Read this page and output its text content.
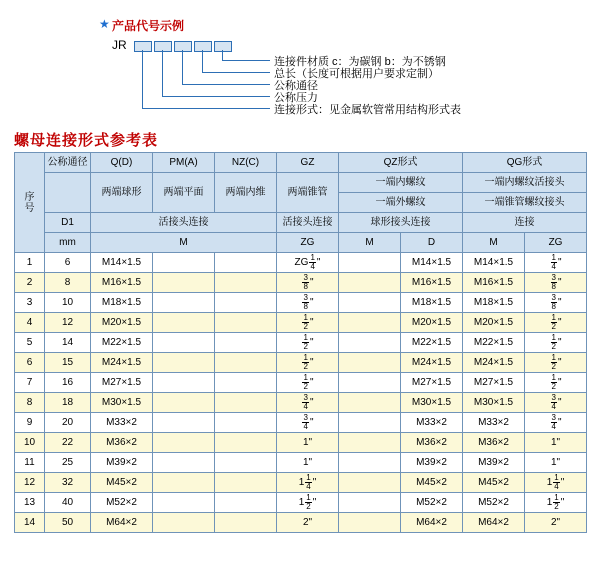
★ 产品代号示例
JR
连接件材质 c：为碳钢 b：为不锈钢
总长（长度可根据用户要求定制）
公称通径
公称压力
连接形式：见金属软管常用结构形式表
螺母连接形式参考表
序
号	公称通径	Q(D)	PM(A)	NZ(C)	GZ	QZ形式		QG形式	
		两端球形	两端平面	两端内维	两端锥管	一端内螺纹		一端内螺纹活接头	
						一端外螺纹		一端锥管螺纹接头	
	D1	活接头连接			活接头连接	球形接头连接		连接	
	mm	M			ZG	M	D	M	ZG
1	6	M14×1.5			ZG $\frac{1}{4}$ "		M14×1.5	M14×1.5	$\frac{1}{4}$ "
2	8	M16×1.5			$\frac{3}{8}$ "		M16×1.5	M16×1.5	$\frac{3}{8}$ "
3	10	M18×1.5			$\frac{3}{8}$ "		M18×1.5	M18×1.5	$\frac{3}{8}$ "
4	12	M20×1.5			$\frac{1}{2}$ "		M20×1.5	M20×1.5	$\frac{1}{2}$ "
5	14	M22×1.5			$\frac{1}{2}$ "		M22×1.5	M22×1.5	$\frac{1}{2}$ "
6	15	M24×1.5			$\frac{1}{2}$ "		M24×1.5	M24×1.5	$\frac{1}{2}$ "
7	16	M27×1.5			$\frac{1}{2}$ "		M27×1.5	M27×1.5	$\frac{1}{2}$ "
8	18	M30×1.5			$\frac{3}{4}$ "		M30×1.5	M30×1.5	$\frac{3}{4}$ "
9	20	M33×2			$\frac{3}{4}$ "		M33×2	M33×2	$\frac{3}{4}$ "
10	22	M36×2			1"		M36×2	M36×2	1"
11	25	M39×2			1"		M39×2	M39×2	1"
12	32	M45×2			$1 \frac{1}{4}$ "		M45×2	M45×2	$1 \frac{1}{4}$ "
13	40	M52×2			$1 \frac{1}{2}$ "		M52×2	M52×2	$1 \frac{1}{2}$ "
14	50	M64×2			2"		M64×2	M64×2	2"
